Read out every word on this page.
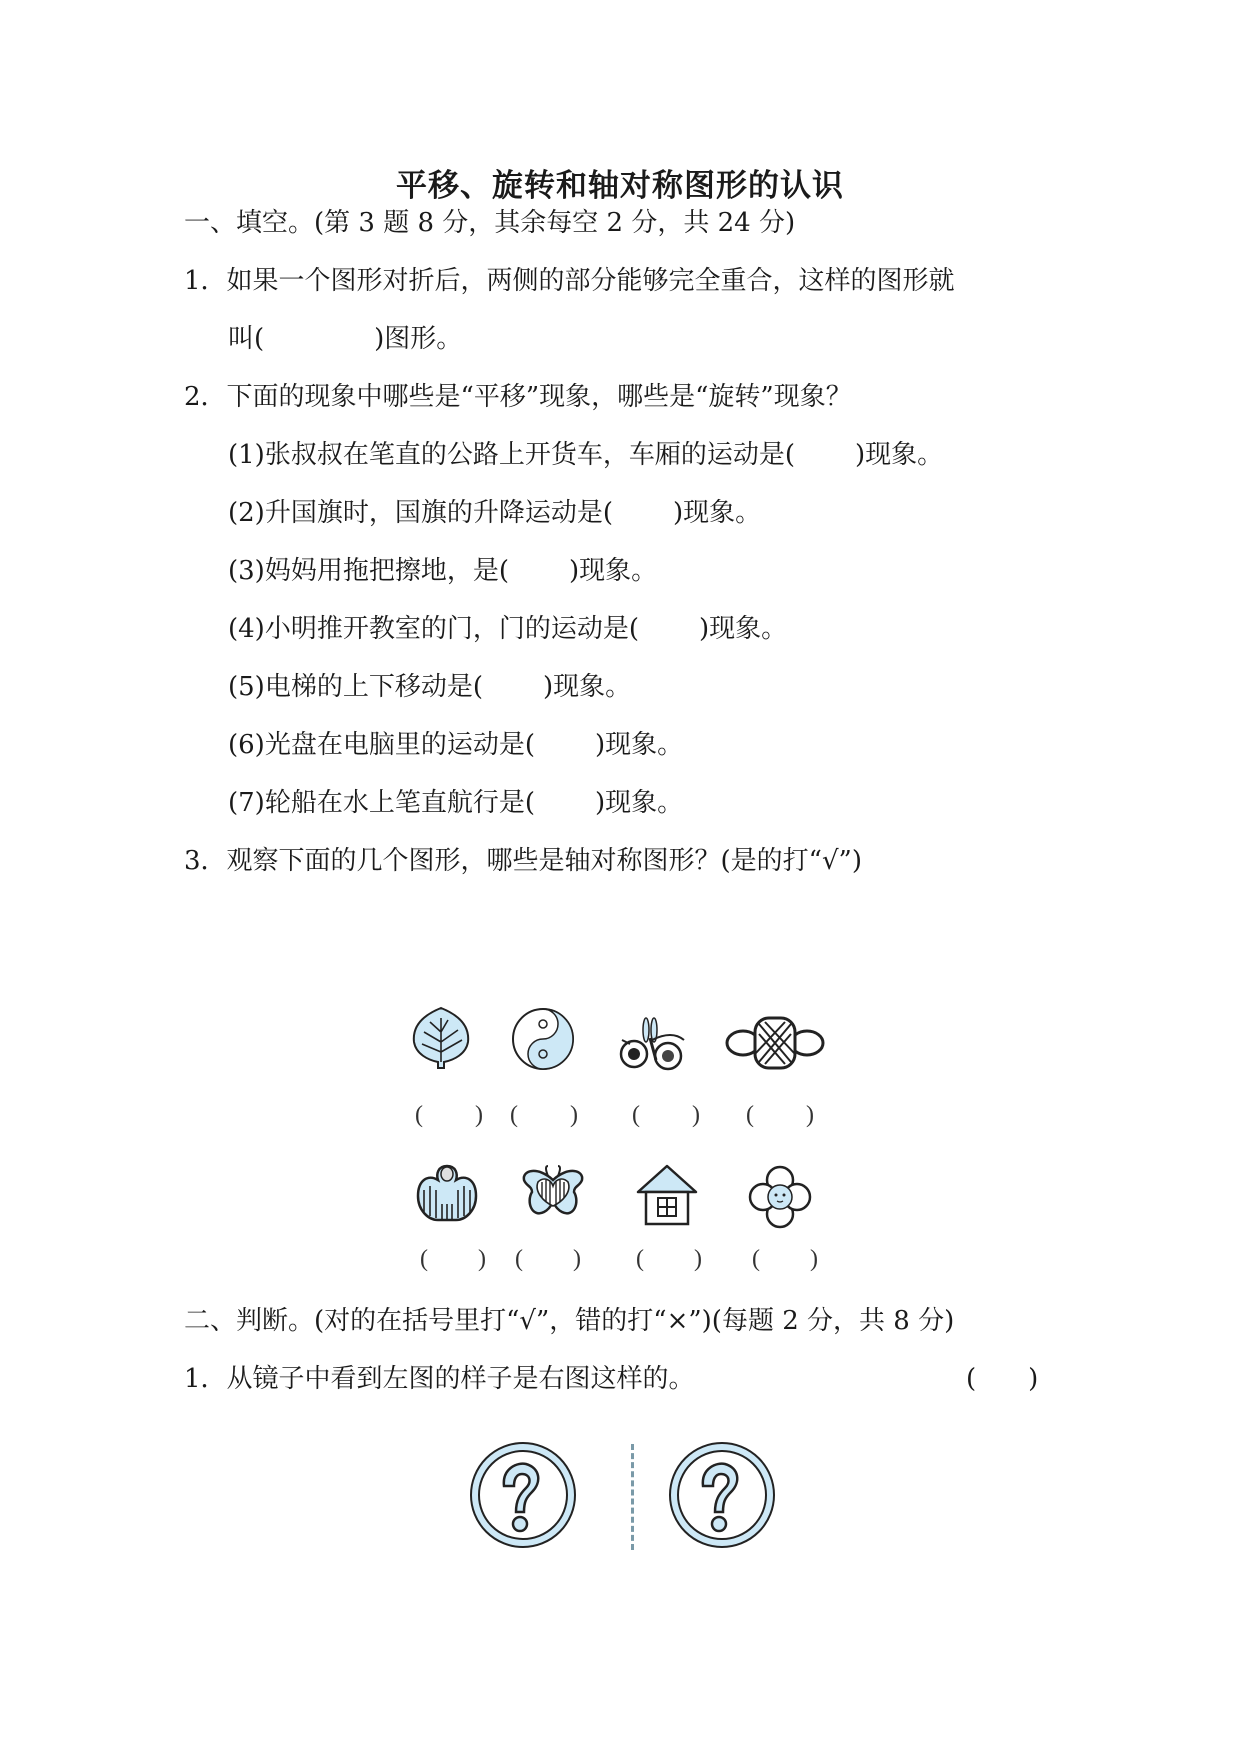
平移、旋转和轴对称图形的认识
一、填空。(第 3 题 8 分，其余每空 2 分，共 24 分)
1．如果一个图形对折后，两侧的部分能够完全重合，这样的图形就
叫(	)图形。
2．下面的现象中哪些是“平移”现象，哪些是“旋转”现象？
(1)张叔叔在笔直的公路上开货车，车厢的运动是( )现象。
(2)升国旗时，国旗的升降运动是( )现象。
(3)妈妈用拖把擦地，是( )现象。
(4)小明推开教室的门，门的运动是( )现象。
(5)电梯的上下移动是( )现象。
(6)光盘在电脑里的运动是( )现象。
(7)轮船在水上笔直航行是( )现象。
3．观察下面的几个图形，哪些是轴对称图形？(是的打“√”)
( ) ( ) ( ) ( )
( ) ( ) ( ) ( )
二、判断。(对的在括号里打“√”，错的打“×”)(每题 2 分，共 8 分)
1．从镜子中看到左图的样子是右图这样的。	(　　)
